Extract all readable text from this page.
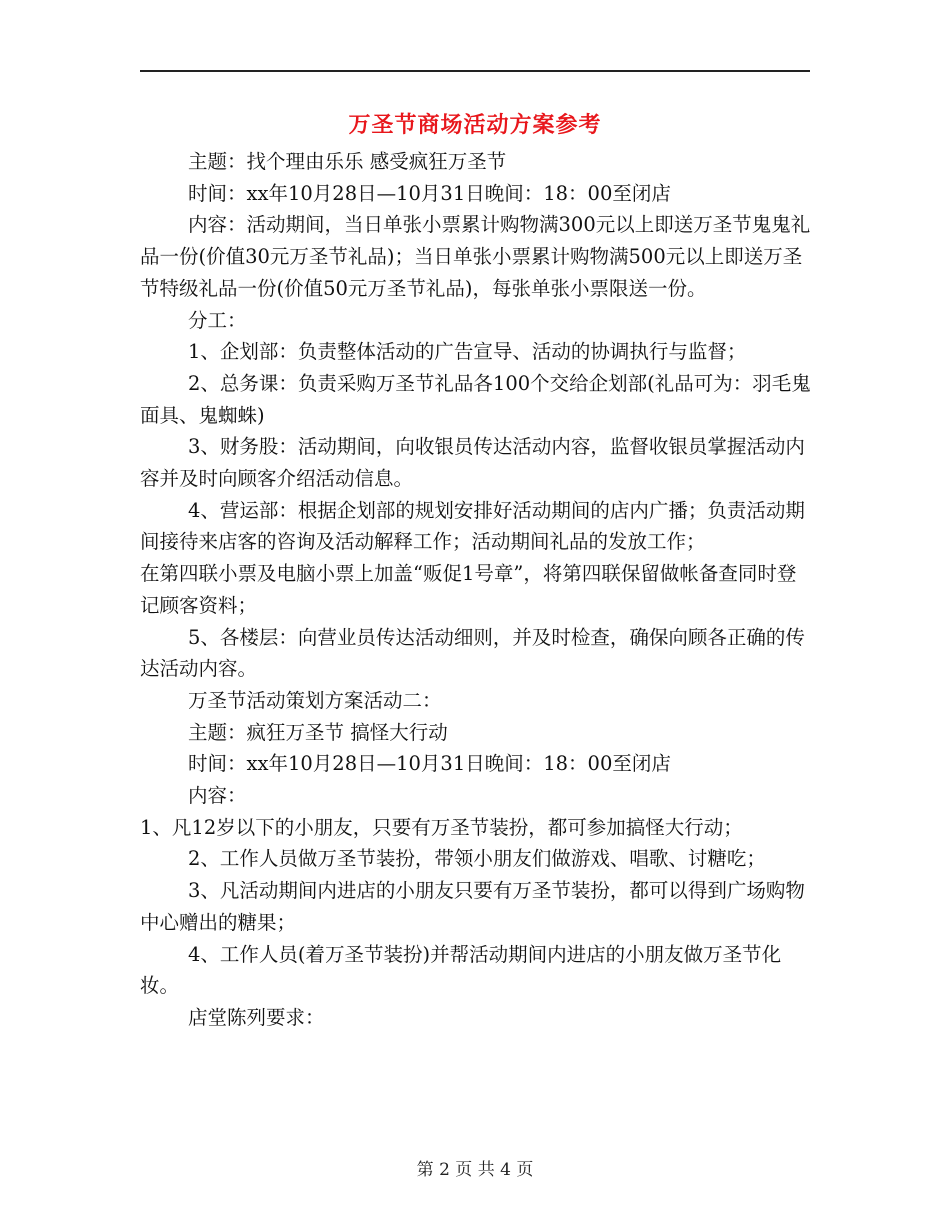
万圣节商场活动方案参考

主题：找个理由乐乐 感受疯狂万圣节

时间：xx年10月28日—10月31日晚间：18：00至闭店

内容：活动期间，当日单张小票累计购物满300元以上即送万圣节鬼鬼礼品一份(价值30元万圣节礼品)；当日单张小票累计购物满500元以上即送万圣节特级礼品一份(价值50元万圣节礼品)，每张单张小票限送一份。

分工：

1、企划部：负责整体活动的广告宣导、活动的协调执行与监督；

2、总务课：负责采购万圣节礼品各100个交给企划部(礼品可为：羽毛鬼面具、鬼蜘蛛)

3、财务股：活动期间，向收银员传达活动内容，监督收银员掌握活动内容并及时向顾客介绍活动信息。

4、营运部：根据企划部的规划安排好活动期间的店内广播；负责活动期间接待来店客的咨询及活动解释工作；活动期间礼品的发放工作；

在第四联小票及电脑小票上加盖“贩促1号章”，将第四联保留做帐备查同时登记顾客资料；

5、各楼层：向营业员传达活动细则，并及时检查，确保向顾各正确的传达活动内容。

万圣节活动策划方案活动二：

主题：疯狂万圣节 搞怪大行动

时间：xx年10月28日—10月31日晚间：18：00至闭店

内容：

1、凡12岁以下的小朋友，只要有万圣节装扮，都可参加搞怪大行动；

2、工作人员做万圣节装扮，带领小朋友们做游戏、唱歌、讨糖吃；

3、凡活动期间内进店的小朋友只要有万圣节装扮，都可以得到广场购物中心赠出的糖果；

4、工作人员(着万圣节装扮)并帮活动期间内进店的小朋友做万圣节化妆。

店堂陈列要求：

第 2 页 共 4 页
